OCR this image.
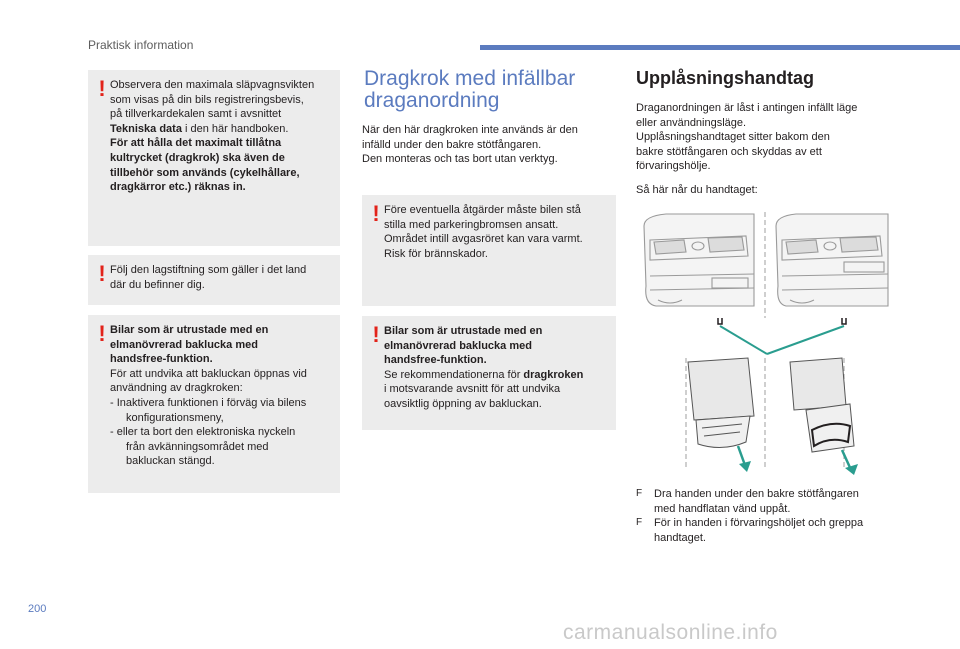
Praktisk information
! Observera den maximala släpvagnsvikten

som visas på din bils registreringsbevis,

på tillverkardekalen samt i avsnittet

Tekniska data i den här handboken.

För att hålla det maximalt tillåtna

kultrycket (dragkrok) ska även de

tillbehör som används (cykelhållare,

dragkärror etc.) räknas in.

! Följ den lagstiftning som gäller i det land

där du befinner dig.

! Bilar som är utrustade med en

elmanövrerad baklucka med

handsfree-funktion.

För att undvika att bakluckan öppnas vid

användning av dragkroken:

- Inaktivera funktionen i förväg via bilens

konfigurationsmeny,

- eller ta bort den elektroniska nyckeln

från avkänningsområdet med

bakluckan stängd.

Dragkrok med infällbar
draganordning

När den här dragkroken inte används är den

infälld under den bakre stötfångaren.

Den monteras och tas bort utan verktyg.

! Före eventuella åtgärder måste bilen stå

stilla med parkeringbromsen ansatt.

Området intill avgasröret kan vara varmt.

Risk för brännskador.

! Bilar som är utrustade med en

elmanövrerad baklucka med

handsfree-funktion.

Se rekommendationerna för dragkroken

i motsvarande avsnitt för att undvika

oavsiktlig öppning av bakluckan.

Upplåsningshandtag

Draganordningen är låst i antingen infällt läge

eller användningsläge.

Upplåsningshandtaget sitter bakom den

bakre stötfångaren och skyddas av ett

förvaringshölje.

Så här når du handtaget:

F Dra handen under den bakre stötfångaren

med handflatan vänd uppåt.

F För in handen i förvaringshöljet och greppa

handtaget.

200
carmanualsonline.info
